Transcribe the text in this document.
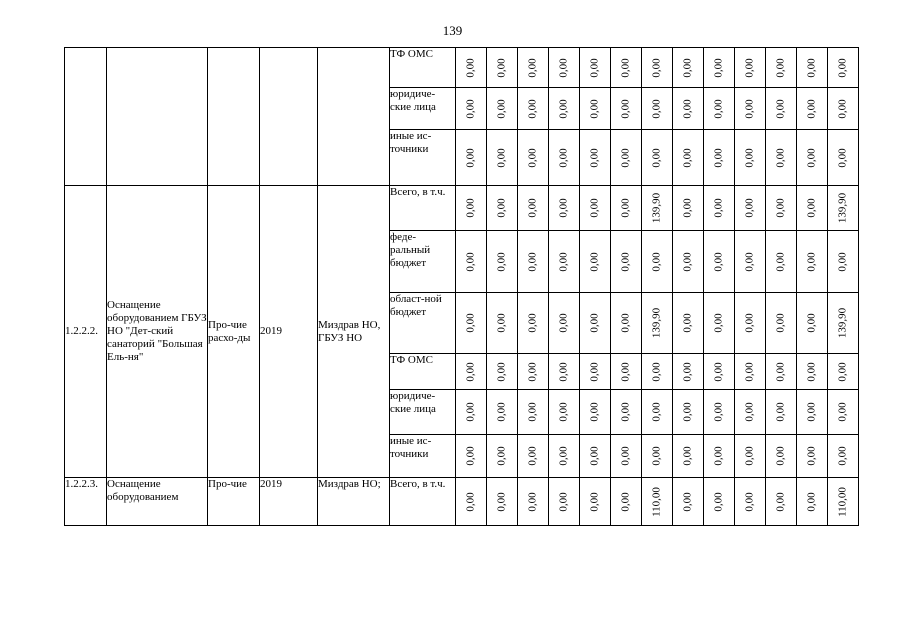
139
					ТФ ОМС	0,00	0,00	0,00	0,00	0,00	0,00	0,00	0,00	0,00	0,00	0,00	0,00	0,00

					юридиче-ские лица	0,00	0,00	0,00	0,00	0,00	0,00	0,00	0,00	0,00	0,00	0,00	0,00	0,00

					иные ис-точники	0,00	0,00	0,00	0,00	0,00	0,00	0,00	0,00	0,00	0,00	0,00	0,00	0,00

1.2.2.2.	Оснащение оборудованием ГБУЗ НО "Дет-ский санаторий "Большая Ель-ня"	Про-чие расхо-ды	2019	Миздрав НО, ГБУЗ НО	Всего, в т.ч.	0,00	0,00	0,00	0,00	0,00	0,00	139,90	0,00	0,00	0,00	0,00	0,00	139,90

					феде-ральный бюджет	0,00	0,00	0,00	0,00	0,00	0,00	0,00	0,00	0,00	0,00	0,00	0,00	0,00

					област-ной бюджет	0,00	0,00	0,00	0,00	0,00	0,00	139,90	0,00	0,00	0,00	0,00	0,00	139,90

					ТФ ОМС	0,00	0,00	0,00	0,00	0,00	0,00	0,00	0,00	0,00	0,00	0,00	0,00	0,00

					юридиче-ские лица	0,00	0,00	0,00	0,00	0,00	0,00	0,00	0,00	0,00	0,00	0,00	0,00	0,00

					иные ис-точники	0,00	0,00	0,00	0,00	0,00	0,00	0,00	0,00	0,00	0,00	0,00	0,00	0,00

1.2.2.3.	Оснащение оборудованием	Про-чие	2019	Миздрав НО;	Всего, в т.ч.	0,00	0,00	0,00	0,00	0,00	0,00	110,00	0,00	0,00	0,00	0,00	0,00	110,00
